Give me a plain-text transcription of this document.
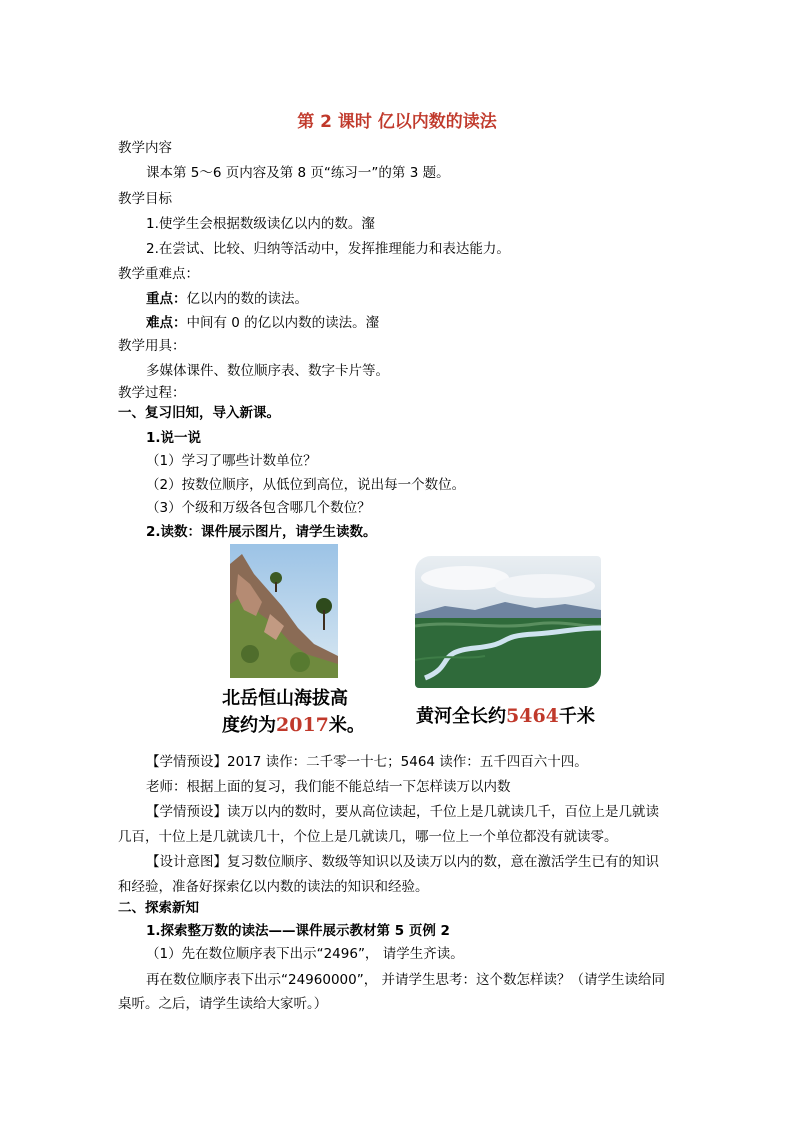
第 2 课时 亿以内数的读法
教学内容
课本第 5～6 页内容及第 8 页“练习一”的第 3 题。
教学目标
1.使学生会根据数级读亿以内的数。瀣
2.在尝试、比较、归纳等活动中，发挥推理能力和表达能力。
教学重难点：
重点：亿以内的数的读法。
难点：中间有 0 的亿以内数的读法。瀣
教学用具：
多媒体课件、数位顺序表、数字卡片等。
教学过程：
一、复习旧知，导入新课。
1.说一说
（1）学习了哪些计数单位？
（2）按数位顺序，从低位到高位，说出每一个数位。
（3）个级和万级各包含哪几个数位？
2.读数：课件展示图片，请学生读数。
北岳恒山海拔高
度约为2017米。	黄河全长约5464千米
【学情预设】2017 读作：二千零一十七；5464 读作：五千四百六十四。
老师：根据上面的复习，我们能不能总结一下怎样读万以内数
【学情预设】读万以内的数时，要从高位读起，千位上是几就读几千，百位上是几就读
几百，十位上是几就读几十，个位上是几就读几，哪一位上一个单位都没有就读零。
【设计意图】复习数位顺序、数级等知识以及读万以内的数，意在激活学生已有的知识
和经验，准备好探索亿以内数的读法的知识和经验。
二、探索新知
1.探索整万数的读法——课件展示教材第 5 页例 2
（1）先在数位顺序表下出示“2496”， 请学生齐读。
再在数位顺序表下出示“24960000”， 并请学生思考：这个数怎样读？（请学生读给同
桌听。之后，请学生读给大家听。）
